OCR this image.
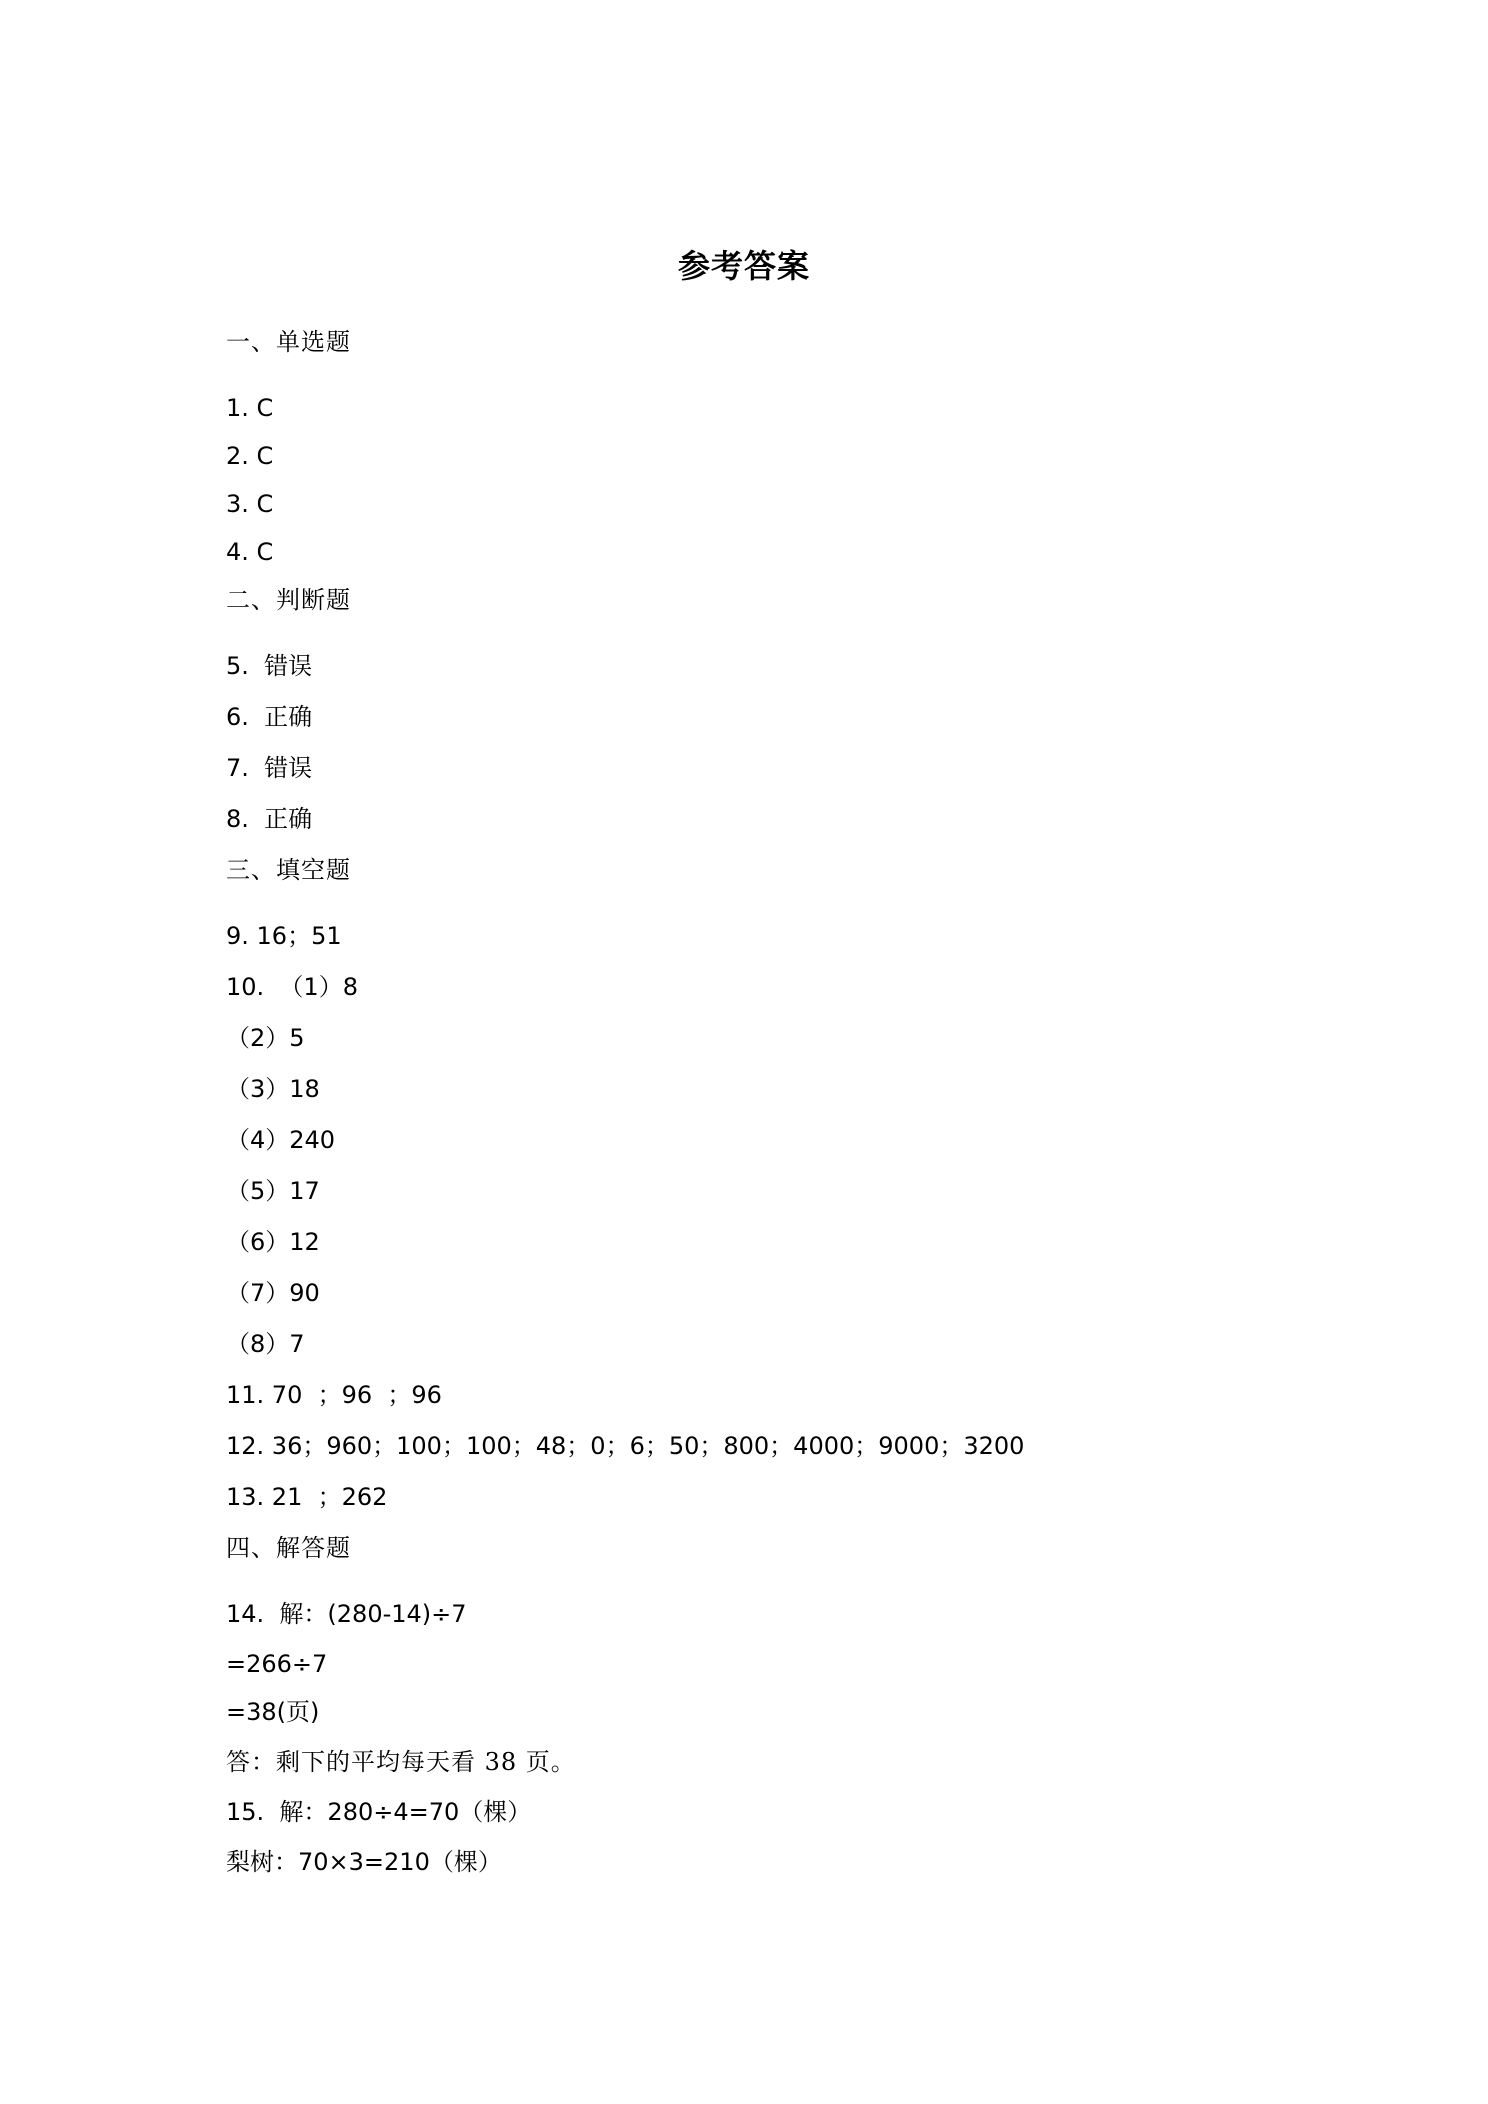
参考答案
一、单选题
1. C
2. C
3. C
4. C
二、判断题
5.  错误
6.  正确
7.  错误
8.  正确
三、填空题
9. 16；51
10.  （1）8
（2）5
（3）18
（4）240
（5）17
（6）12
（7）90
（8）7
11. 70  ；96  ；96
12. 36；960；100；100；48；0；6；50；800；4000；9000；3200
13. 21  ；262
四、解答题
14.  解：(280-14)÷7
=266÷7
=38(页)
答：剩下的平均每天看 38 页。
15.  解：280÷4=70（棵）
梨树：70×3=210（棵）
